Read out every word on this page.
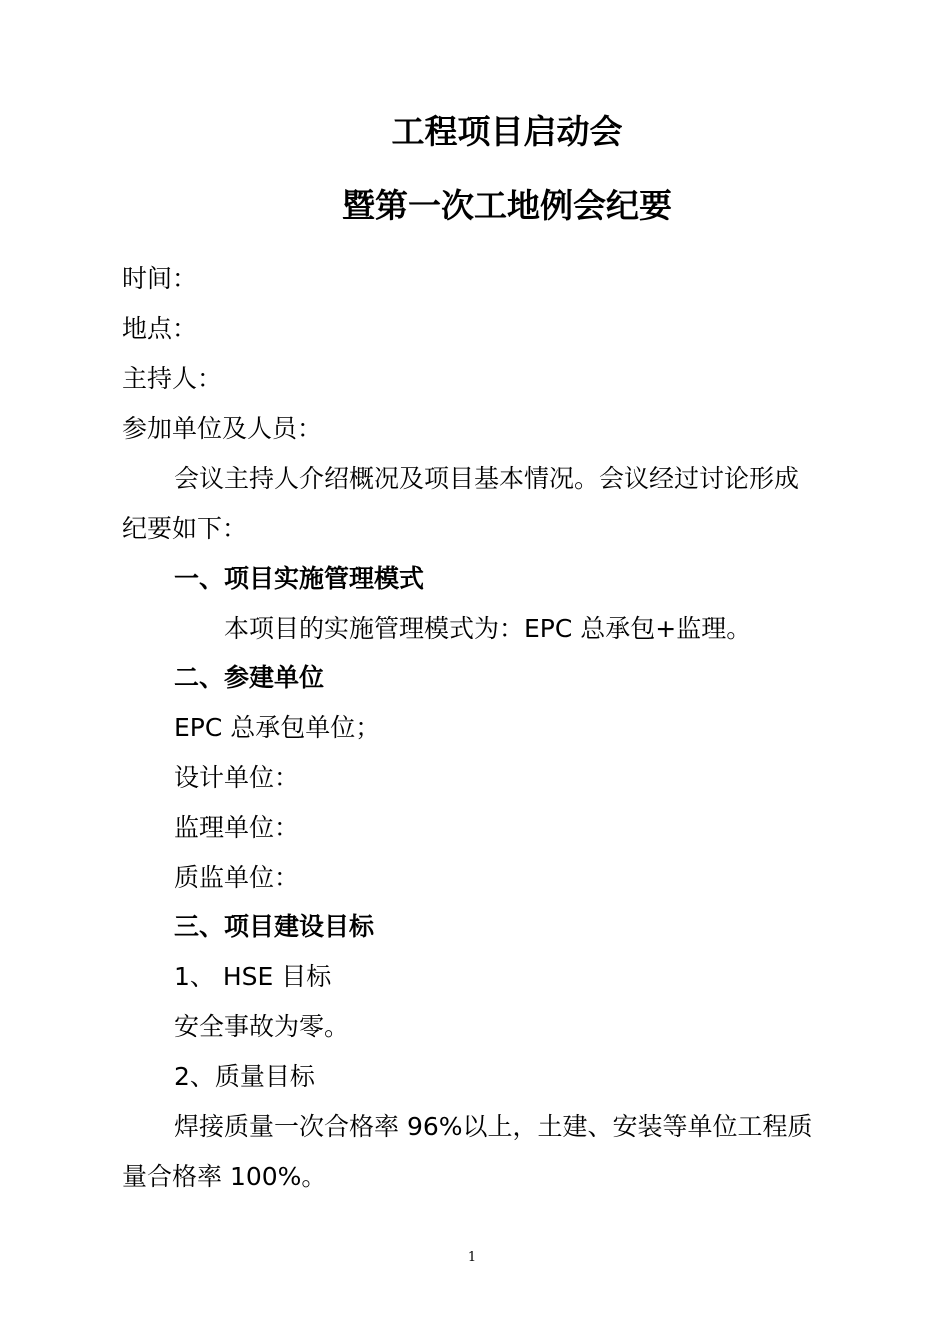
工程项目启动会
暨第一次工地例会纪要
时间：
地点：
主持人：
参加单位及人员：
会议主持人介绍概况及项目基本情况。会议经过讨论形成
纪要如下：
一、项目实施管理模式
本项目的实施管理模式为：EPC 总承包+监理。
二、参建单位
EPC 总承包单位；
设计单位：
监理单位：
质监单位：
三、项目建设目标
1、 HSE 目标
安全事故为零。
2、质量目标
焊接质量一次合格率 96%以上，土建、安装等单位工程质
量合格率 100%。
1
